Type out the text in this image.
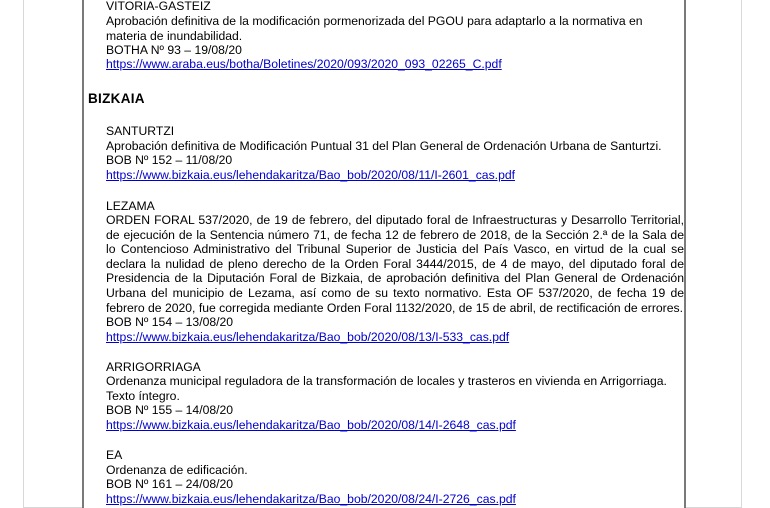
VITORIA-GASTEIZ

Aprobación definitiva de la modificación pormenorizada del PGOU para adaptarlo a la normativa en materia de inundabilidad.

BOTHA Nº 93 – 19/08/20

https://www.araba.eus/botha/Boletines/2020/093/2020_093_02265_C.pdf
BIZKAIA

SANTURTZI

Aprobación definitiva de Modificación Puntual 31 del Plan General de Ordenación Urbana de Santurtzi.

BOB Nº 152 – 11/08/20

https://www.bizkaia.eus/lehendakaritza/Bao_bob/2020/08/11/I-2601_cas.pdf

LEZAMA

ORDEN FORAL 537/2020, de 19 de febrero, del diputado foral de Infraestructuras y Desarrollo Territorial, de ejecución de la Sentencia número 71, de fecha 12 de febrero de 2018, de la Sección 2.ª de la Sala de lo Contencioso Administrativo del Tribunal Superior de Justicia del País Vasco, en virtud de la cual se declara la nulidad de pleno derecho de la Orden Foral 3444/2015, de 4 de mayo, del diputado foral de Presidencia de la Diputación Foral de Bizkaia, de aprobación definitiva del Plan General de Ordenación Urbana del municipio de Lezama, así como de su texto normativo. Esta OF 537/2020, de fecha 19 de febrero de 2020, fue corregida mediante Orden Foral 1132/2020, de 15 de abril, de rectificación de errores.

BOB Nº 154 – 13/08/20

https://www.bizkaia.eus/lehendakaritza/Bao_bob/2020/08/13/I-533_cas.pdf

ARRIGORRIAGA

Ordenanza municipal reguladora de la transformación de locales y trasteros en vivienda en Arrigorriaga. Texto íntegro.

BOB Nº 155 – 14/08/20

https://www.bizkaia.eus/lehendakaritza/Bao_bob/2020/08/14/I-2648_cas.pdf

EA

Ordenanza de edificación.

BOB Nº 161 – 24/08/20

https://www.bizkaia.eus/lehendakaritza/Bao_bob/2020/08/24/I-2726_cas.pdf
